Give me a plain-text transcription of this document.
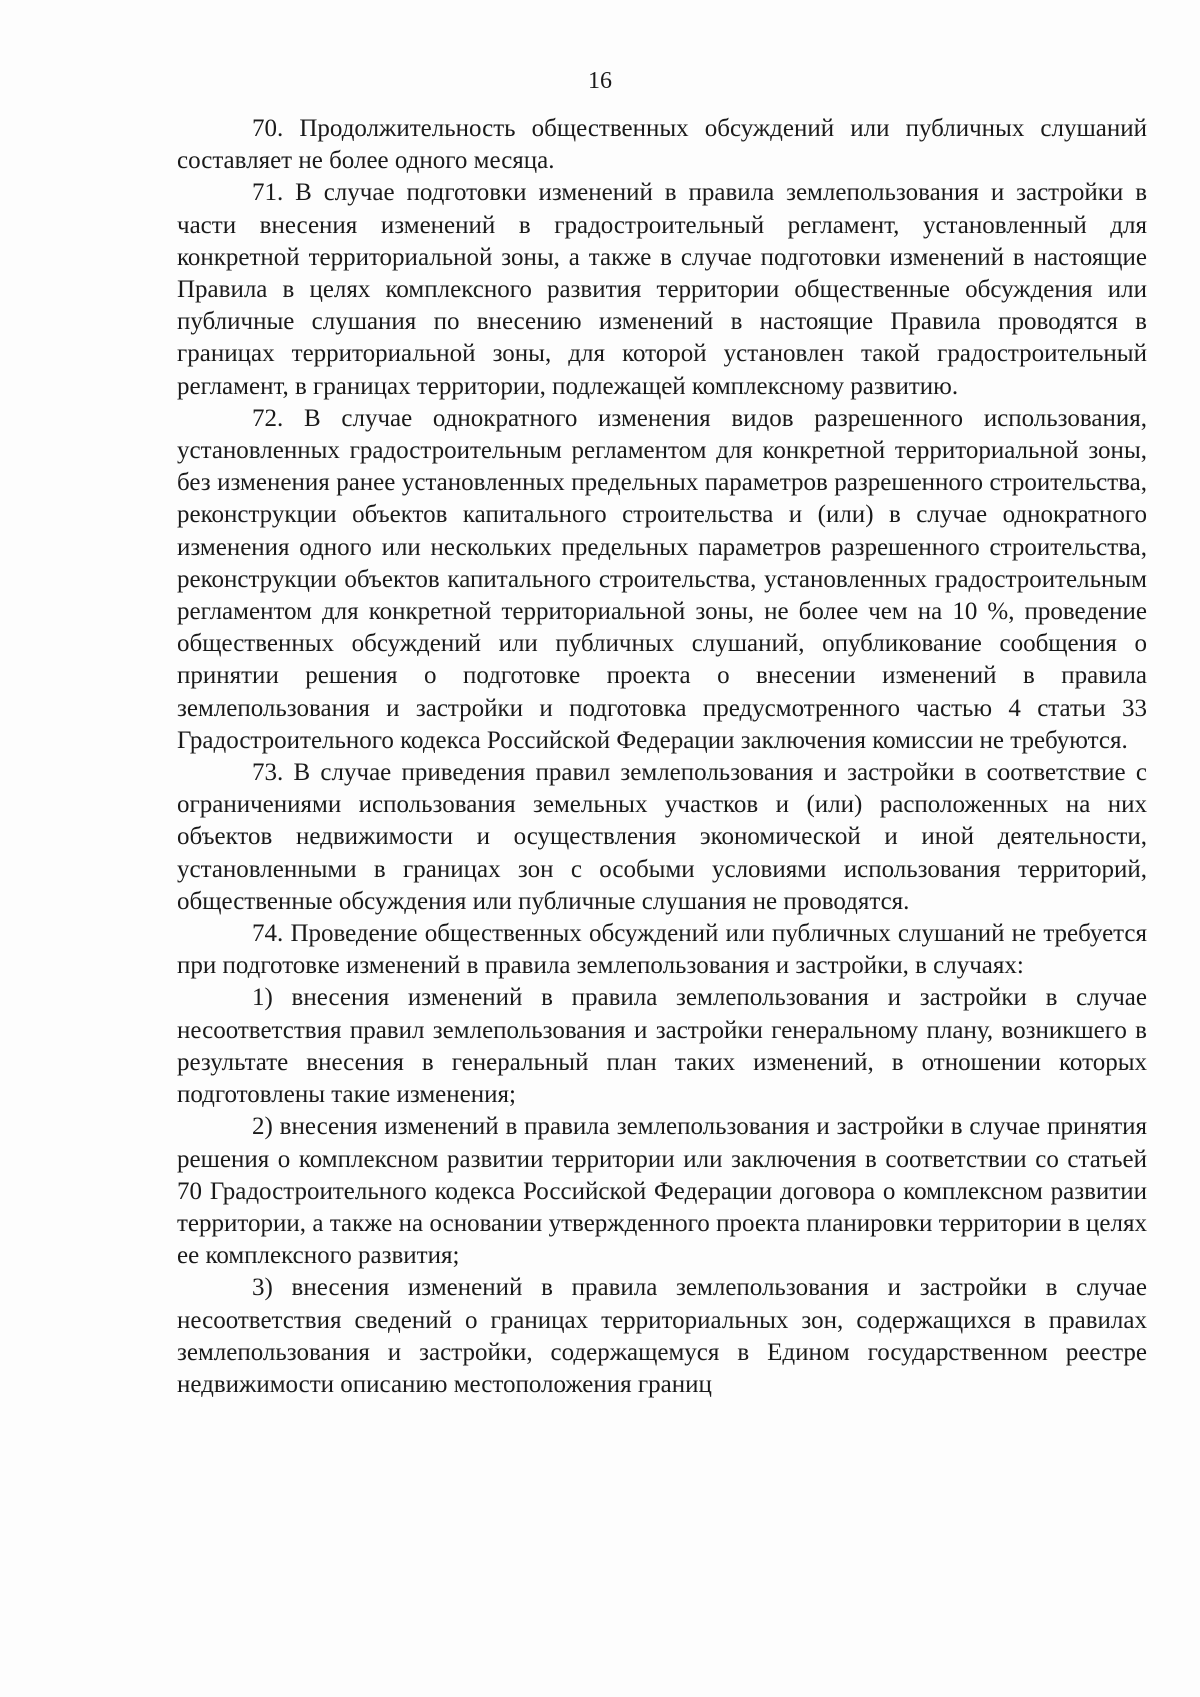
16

70. Продолжительность общественных обсуждений или публичных слушаний составляет не более одного месяца.

71. В случае подготовки изменений в правила землепользования и застройки в части внесения изменений в градостроительный регламент, установленный для конкретной территориальной зоны, а также в случае подготовки изменений в настоящие Правила в целях комплексного развития территории общественные обсуждения или публичные слушания по внесению изменений в настоящие Правила проводятся в границах территориальной зоны, для которой установлен такой градостроительный регламент, в границах территории, подлежащей комплексному развитию.

72. В случае однократного изменения видов разрешенного использования, установленных градостроительным регламентом для конкретной территориальной зоны, без изменения ранее установленных предельных параметров разрешенного строительства, реконструкции объектов капитального строительства и (или) в случае однократного изменения одного или нескольких предельных параметров разрешенного строительства, реконструкции объектов капитального строительства, установленных градостроительным регламентом для конкретной территориальной зоны, не более чем на 10 %, проведение общественных обсуждений или публичных слушаний, опубликование сообщения о принятии решения о подготовке проекта о внесении изменений в правила землепользования и застройки и подготовка предусмотренного частью 4 статьи 33 Градостроительного кодекса Российской Федерации заключения комиссии не требуются.

73. В случае приведения правил землепользования и застройки в соответствие с ограничениями использования земельных участков и (или) расположенных на них объектов недвижимости и осуществления экономической и иной деятельности, установленными в границах зон с особыми условиями использования территорий, общественные обсуждения или публичные слушания не проводятся.

74. Проведение общественных обсуждений или публичных слушаний не требуется при подготовке изменений в правила землепользования и застройки, в случаях:

1) внесения изменений в правила землепользования и застройки в случае несоответствия правил землепользования и застройки генеральному плану, возникшего в результате внесения в генеральный план таких изменений, в отношении которых подготовлены такие изменения;

2) внесения изменений в правила землепользования и застройки в случае принятия решения о комплексном развитии территории или заключения в соответствии со статьей 70 Градостроительного кодекса Российской Федерации договора о комплексном развитии территории, а также на основании утвержденного проекта планировки территории в целях ее комплексного развития;

3) внесения изменений в правила землепользования и застройки в случае несоответствия сведений о границах территориальных зон, содержащихся в правилах землепользования и застройки, содержащемуся в Едином государственном реестре недвижимости описанию местоположения границ
